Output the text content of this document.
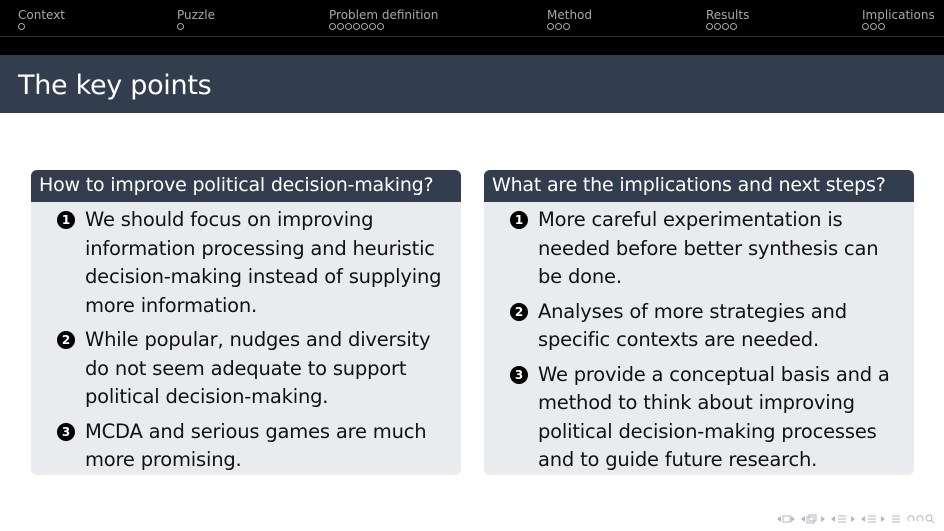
Context	Puzzle	Problem definition	Method	Results	Implications
The key points
How to improve political decision-making?
1 We should focus on improving information processing and heuristic decision-making instead of supplying more information.
2 While popular, nudges and diversity do not seem adequate to support political decision-making.
3 MCDA and serious games are much more promising.
What are the implications and next steps?
1 More careful experimentation is needed before better synthesis can be done.
2 Analyses of more strategies and specific contexts are needed.
3 We provide a conceptual basis and a method to think about improving political decision-making processes and to guide future research.
